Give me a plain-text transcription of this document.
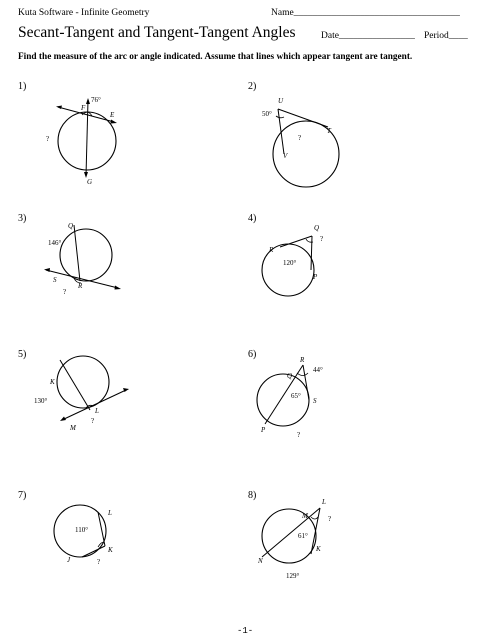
Kuta Software - Infinite Geometry	Name___________________________________
Secant-Tangent and Tangent-Tangent Angles	Date________________ Period____
Find the measure of the arc or angle indicated. Assume that lines which appear tangent are tangent.
1)	2)
3)	4)
5)	6)
7)	8)
76°
F
E
G
?
U
50°
T
?
V
Q
146°
S
R
?
Q
?
R
120°
P
K
130°
L
?
M
R
44°
Q
65°
S
P
?
L
110°
K
J	?
L
?
M
61°
K
N
129°
-1-
